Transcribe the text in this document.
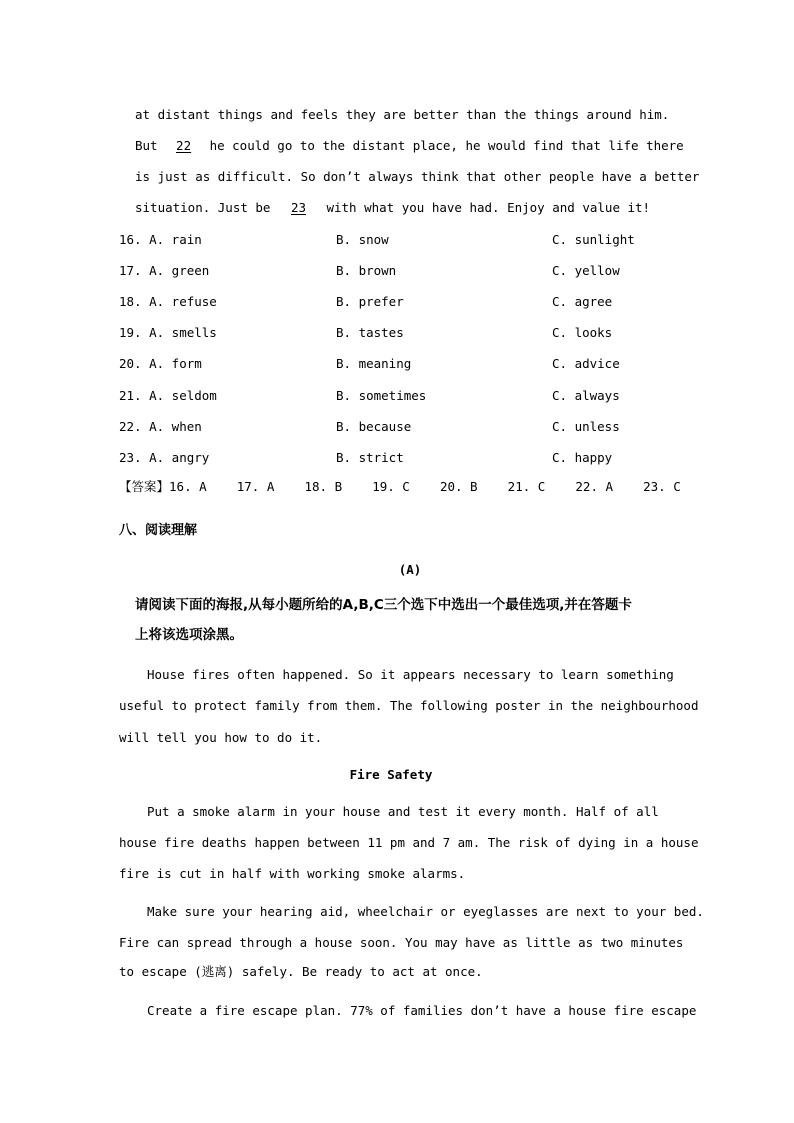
at distant things and feels they are better than the things around him.
But 22 he could go to the distant place, he would find that life there
is just as difficult. So don’t always think that other people have a better
situation. Just be 23 with what you have had. Enjoy and value it!
16. A. rain	B. snow	C. sunlight
17. A. green	B. brown	C. yellow
18. A. refuse	B. prefer	C. agree
19. A. smells	B. tastes	C. looks
20. A. form	B. meaning	C. advice
21. A. seldom	B. sometimes	C. always
22. A. when	B. because	C. unless
23. A. angry	B. strict	C. happy
【答案】16. A    17. A    18. B    19. C    20. B    21. C    22. A    23. C
八、阅读理解
(A)
请阅读下面的海报,从每小题所给的A,B,C三个选下中选出一个最佳选项,并在答题卡
上将该选项涂黑。
House fires often happened. So it appears necessary to learn something
useful to protect family from them. The following poster in the neighbourhood
will tell you how to do it.
Fire Safety
Put a smoke alarm in your house and test it every month. Half of all
house fire deaths happen between 11 pm and 7 am. The risk of dying in a house
fire is cut in half with working smoke alarms.
Make sure your hearing aid, wheelchair or eyeglasses are next to your bed.
Fire can spread through a house soon. You may have as little as two minutes
to escape (逃离) safely. Be ready to act at once.
Create a fire escape plan. 77% of families don’t have a house fire escape
